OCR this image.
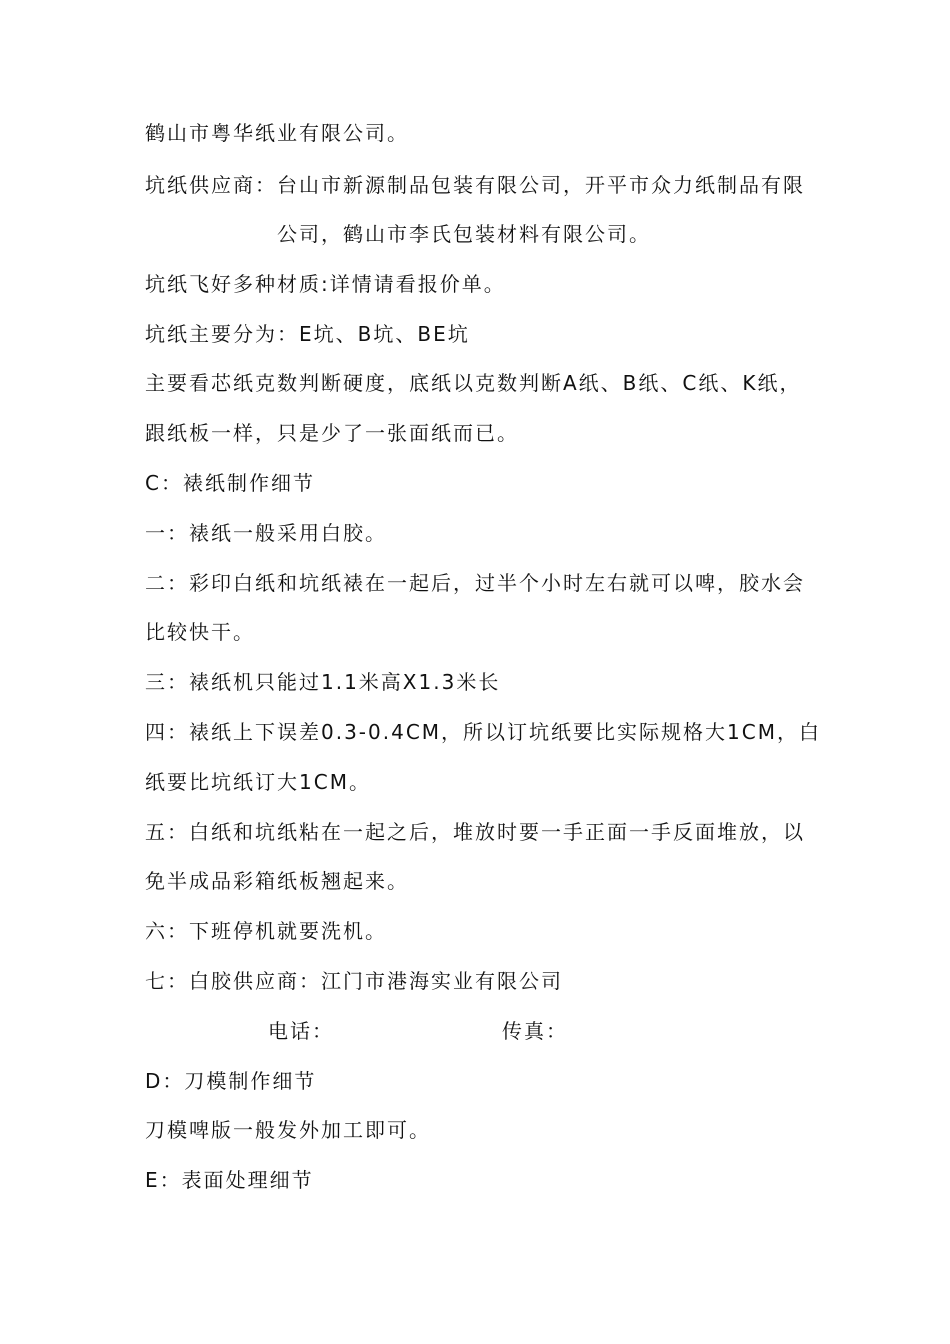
鹤山市粤华纸业有限公司。
坑纸供应商：台山市新源制品包装有限公司，开平市众力纸制品有限
公司，鹤山市李氏包装材料有限公司。
坑纸飞好多种材质:详情请看报价单。
坑纸主要分为：E坑、B坑、BE坑
主要看芯纸克数判断硬度，底纸以克数判断A纸、B纸、C纸、K纸，
跟纸板一样，只是少了一张面纸而已。
C：裱纸制作细节
一：裱纸一般采用白胶。
二：彩印白纸和坑纸裱在一起后，过半个小时左右就可以啤，胶水会
比较快干。
三：裱纸机只能过1.1米高X1.3米长
四：裱纸上下误差0.3-0.4CM，所以订坑纸要比实际规格大1CM，白
纸要比坑纸订大1CM。
五：白纸和坑纸粘在一起之后，堆放时要一手正面一手反面堆放，以
免半成品彩箱纸板翘起来。
六：下班停机就要洗机。
七：白胶供应商：江门市港海实业有限公司
电话：	传真：
D：刀模制作细节
刀模啤版一般发外加工即可。
E：表面处理细节
